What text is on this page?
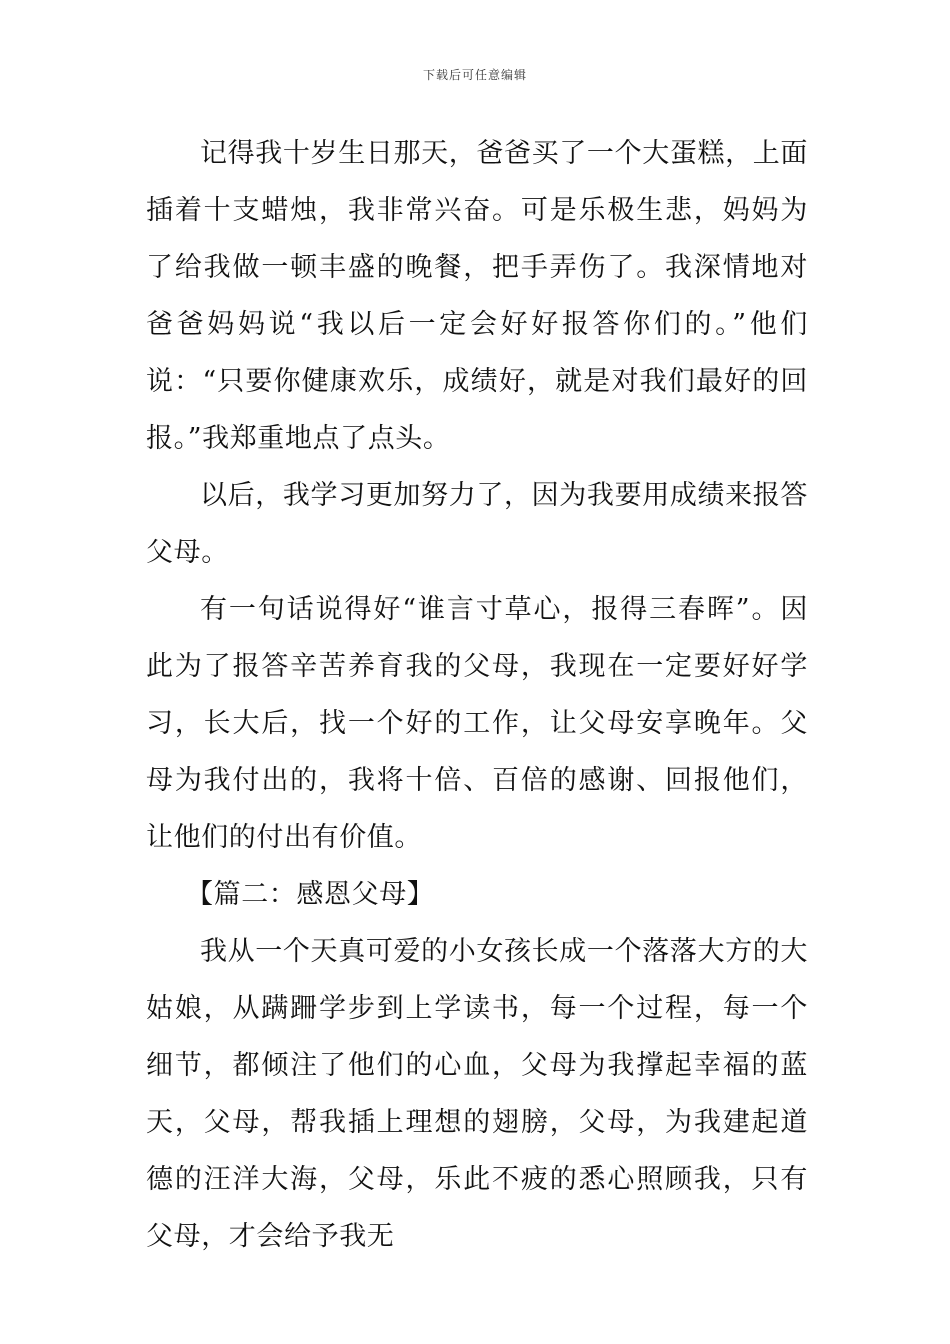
下载后可任意编辑

记得我十岁生日那天，爸爸买了一个大蛋糕，上面插着十支蜡烛，我非常兴奋。可是乐极生悲，妈妈为了给我做一顿丰盛的晚餐，把手弄伤了。我深情地对爸爸妈妈说“我以后一定会好好报答你们的。”他们说：“只要你健康欢乐，成绩好，就是对我们最好的回报。”我郑重地点了点头。

以后，我学习更加努力了，因为我要用成绩来报答父母。

有一句话说得好“谁言寸草心，报得三春晖”。因此为了报答辛苦养育我的父母，我现在一定要好好学习，长大后，找一个好的工作，让父母安享晚年。父母为我付出的，我将十倍、百倍的感谢、回报他们，让他们的付出有价值。

【篇二：感恩父母】

我从一个天真可爱的小女孩长成一个落落大方的大姑娘，从蹒跚学步到上学读书，每一个过程，每一个细节，都倾注了他们的心血，父母为我撑起幸福的蓝天，父母，帮我插上理想的翅膀，父母，为我建起道德的汪洋大海，父母，乐此不疲的悉心照顾我，只有父母，才会给予我无
